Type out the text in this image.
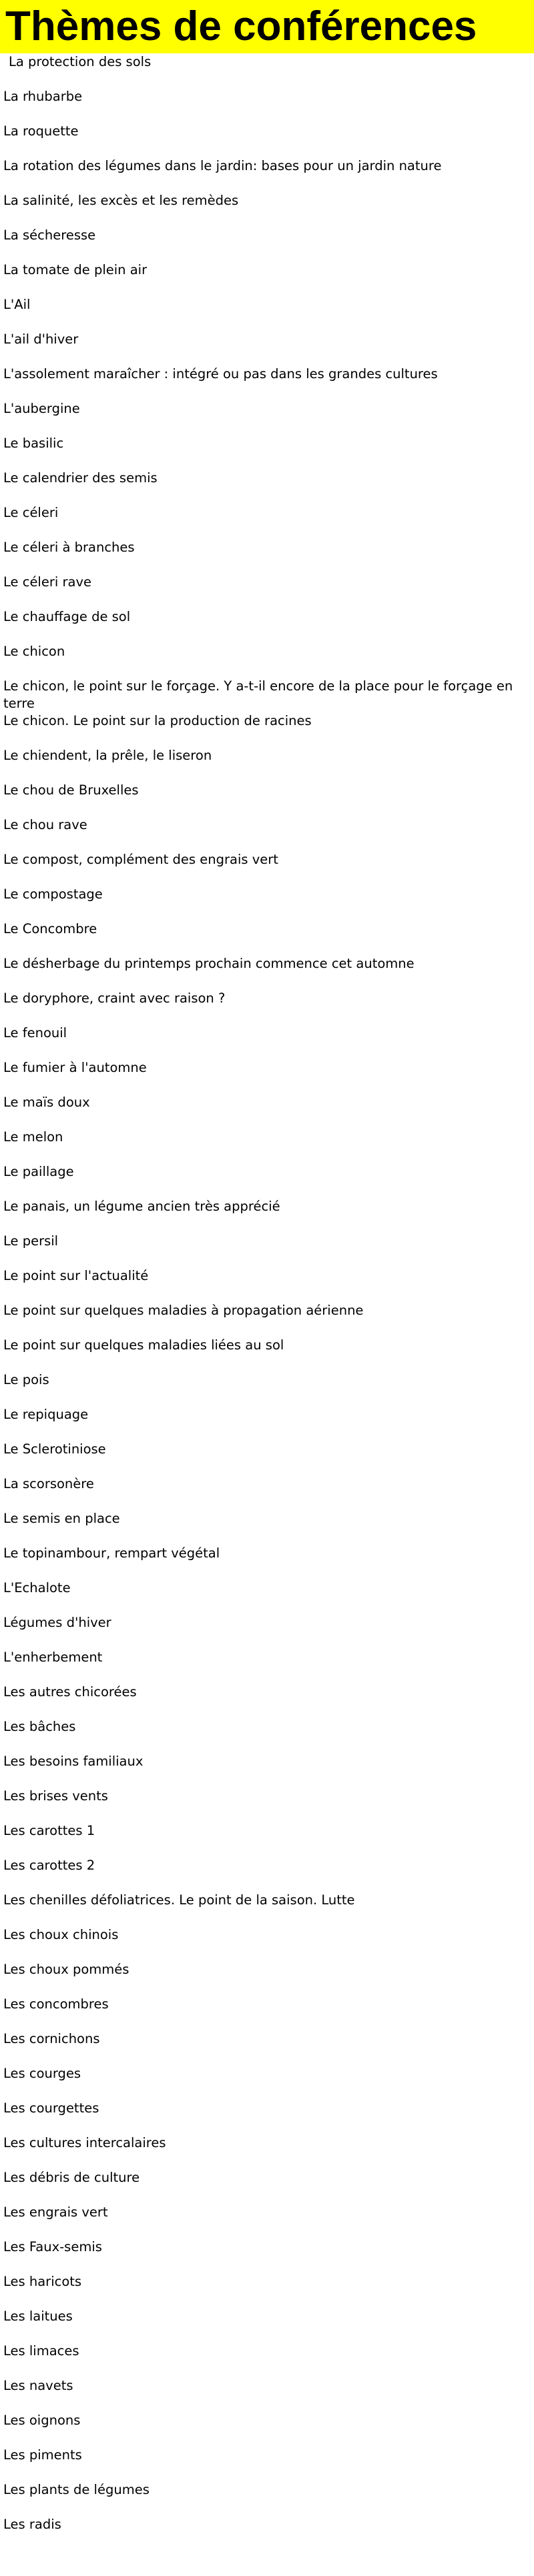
Thèmes de conférences
La protection des sols
La rhubarbe
La roquette
La rotation des légumes dans le jardin: bases pour un jardin nature
La salinité, les excès et les remèdes
La sécheresse
La tomate de plein air
L'Ail
L'ail d'hiver
L'assolement maraîcher : intégré ou pas dans les grandes cultures
L'aubergine
Le basilic
Le calendrier des semis
Le céleri
Le céleri à branches
Le céleri rave
Le chauffage de sol
Le chicon
Le chicon, le point sur le forçage. Y a-t-il encore de la place pour le forçage en terre
Le chicon. Le point sur la production de racines
Le chiendent, la prêle, le liseron
Le chou de Bruxelles
Le chou rave
Le compost, complément des engrais vert
Le compostage
Le Concombre
Le désherbage du printemps prochain commence cet automne
Le doryphore, craint avec raison ?
Le fenouil
Le fumier à l'automne
Le maïs doux
Le melon
Le paillage
Le panais, un légume ancien très apprécié
Le persil
Le point sur l'actualité
Le point sur quelques maladies à propagation aérienne
Le point sur quelques maladies liées au sol
Le pois
Le repiquage
Le Sclerotiniose
La scorsonère
Le semis en place
Le topinambour, rempart végétal
L'Echalote
Légumes d'hiver
L'enherbement
Les autres chicorées
Les bâches
Les besoins familiaux
Les brises vents
Les carottes 1
Les carottes 2
Les chenilles défoliatrices. Le point de la saison. Lutte
Les choux chinois
Les choux pommés
Les concombres
Les cornichons
Les courges
Les courgettes
Les cultures intercalaires
Les débris de culture
Les engrais vert
Les Faux-semis
Les haricots
Les laitues
Les limaces
Les navets
Les oignons
Les piments
Les plants de légumes
Les radis
